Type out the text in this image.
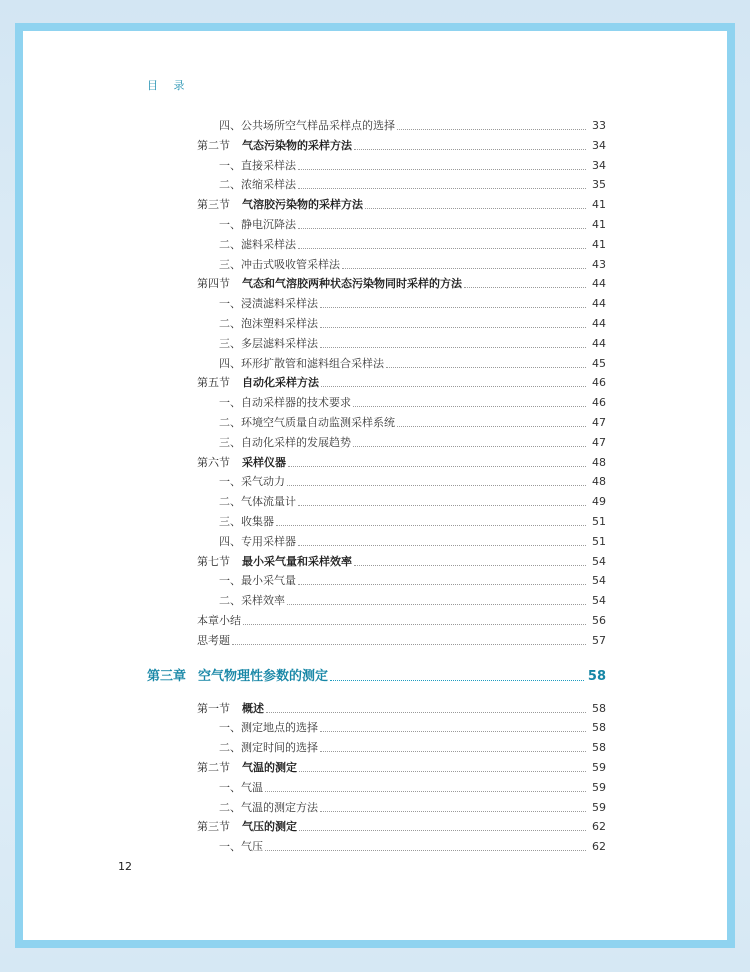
目 录
四、公共场所空气样品采样点的选择	33
第二节 气态污染物的采样方法	34
一、直接采样法	34
二、浓缩采样法	35
第三节 气溶胶污染物的采样方法	41
一、静电沉降法	41
二、滤料采样法	41
三、冲击式吸收管采样法	43
第四节 气态和气溶胶两种状态污染物同时采样的方法	44
一、浸渍滤料采样法	44
二、泡沫塑料采样法	44
三、多层滤料采样法	44
四、环形扩散管和滤料组合采样法	45
第五节 自动化采样方法	46
一、自动采样器的技术要求	46
二、环境空气质量自动监测采样系统	47
三、自动化采样的发展趋势	47
第六节 采样仪器	48
一、采气动力	48
二、气体流量计	49
三、收集器	51
四、专用采样器	51
第七节 最小采气量和采样效率	54
一、最小采气量	54
二、采样效率	54
本章小结	56
思考题	57
第三章 空气物理性参数的测定	58
第一节 概述	58
一、测定地点的选择	58
二、测定时间的选择	58
第二节 气温的测定	59
一、气温	59
二、气温的测定方法	59
第三节 气压的测定	62
一、气压	62
12
